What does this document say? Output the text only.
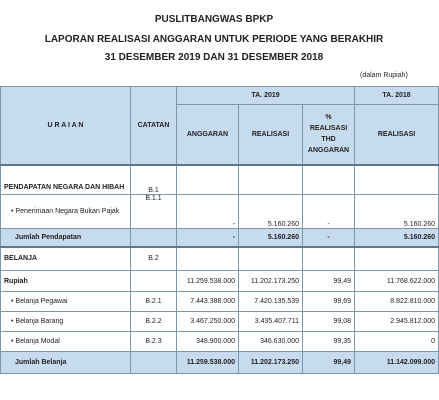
PUSLITBANGWAS BPKP
LAPORAN REALISASI ANGGARAN UNTUK PERIODE YANG BERAKHIR
31 DESEMBER 2019 DAN 31 DESEMBER 2018
(dalam Rupiah)
U R A I A N	CATATAN	TA. 2019			TA. 2018
		ANGGARAN	REALISASI	% REALISASI THD ANGGARAN	REALISASI
PENDAPATAN NEGARA DAN HIBAH	B.1				
• Penerimaan Negara Bukan Pajak	B.1.1	-	5.160.260	-	5.160.260
Jumlah Pendapatan		-	5.160.260	-	5.160.260
BELANJA	B.2				
Rupiah		11.259.538.000	11.202.173.250	99,49	11.768.622.000
• Belanja Pegawai	B.2.1	7.443.388.000	7.420.135.539	99,69	8.822.810.000
• Belanja Barang	B.2.2	3.467.250.000	3.435.407.711	99,08	2.945.812.000
• Belanja Modal	B.2.3	348.900.000	346.630.000	99,35	0
Jumlah Belanja		11.259.538.000	11.202.173.250	99,49	11.142.099.000
